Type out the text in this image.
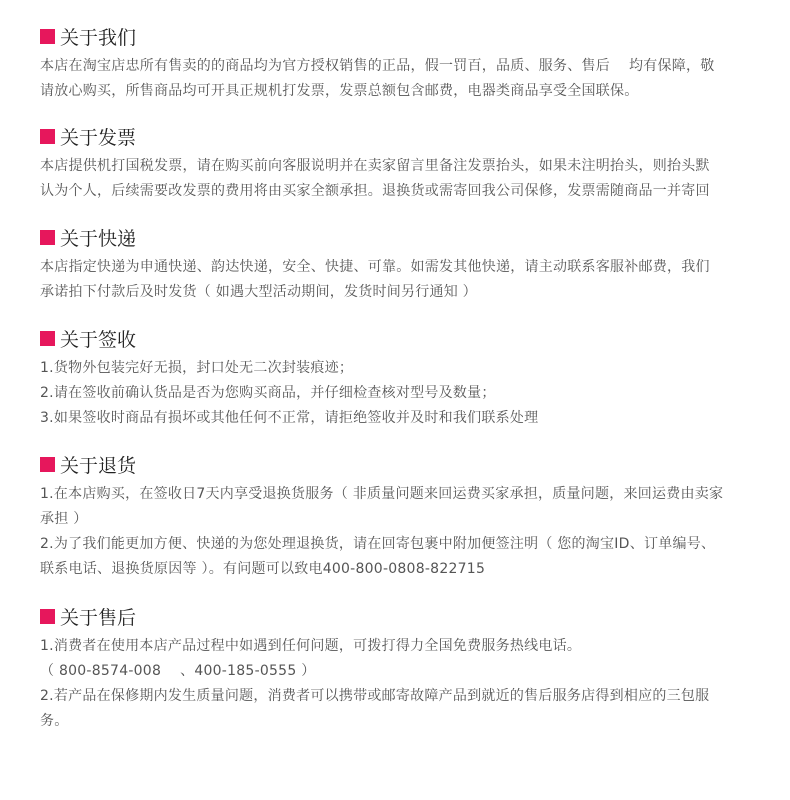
关于我们
本店在淘宝店忠所有售卖的的商品均为官方授权销售的正品，假一罚百，品质、服务、售后　 均有保障，敬
请放心购买，所售商品均可开具正规机打发票，发票总额包含邮费，电器类商品享受全国联保。
关于发票
本店提供机打国税发票，请在购买前向客服说明并在卖家留言里备注发票抬头，如果未注明抬头，则抬头默
认为个人，后续需要改发票的费用将由买家全额承担。退换货或需寄回我公司保修，发票需随商品一并寄回
关于快递
本店指定快递为申通快递、韵达快递，安全、快捷、可靠。如需发其他快递，请主动联系客服补邮费，我们
承诺拍下付款后及时发货（ 如遇大型活动期间，发货时间另行通知 ）
关于签收
1.货物外包装完好无损，封口处无二次封装痕迹；
2.请在签收前确认货品是否为您购买商品，并仔细检查核对型号及数量；
3.如果签收时商品有损坏或其他任何不正常，请拒绝签收并及时和我们联系处理
关于退货
1.在本店购买，在签收日7天内享受退换货服务（ 非质量问题来回运费买家承担，质量问题，来回运费由卖家
承担 ）
2.为了我们能更加方便、快递的为您处理退换货，请在回寄包裹中附加便签注明（ 您的淘宝ID、订单编号、
联系电话、退换货原因等 ）。有问题可以致电400-800-0808-822715
关于售后
1.消费者在使用本店产品过程中如遇到任何问题，可拨打得力全国免费服务热线电话。
（ 800-8574-008 　、400-185-0555 ）
2.若产品在保修期内发生质量问题，消费者可以携带或邮寄故障产品到就近的售后服务店得到相应的三包服
务。
